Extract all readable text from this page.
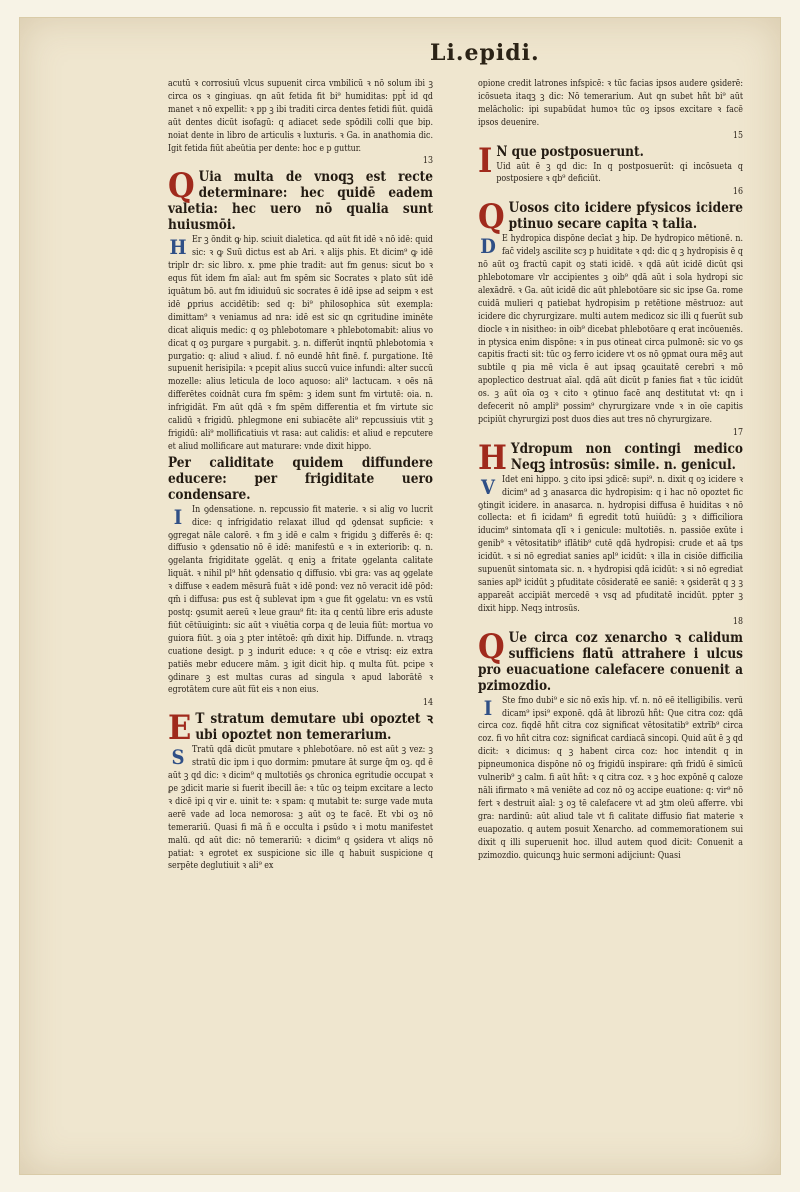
Li.epidi.
acutū ꝛ corrosiuū vlcus supuenit circa vmbilicū ꝛ nō solum ibi ꝫ circa os ꝛ gingiuas. qn aūt fetida fit bi⁹ humiditas: ppt̄ id qd manet ꝛ nō expellit: ꝛ pp ꝫ ibi traditi circa dentes fetidi fiūt. quidā aūt dentes dicūt isofagū: q adiacet sede spōdili colli que bip. noiat dente in libro de articulis ꝛ luxturis. ꝛ Ga. in anathomia dic. Igit fetida fiūt abeūtia per dente: hoc e p guttur.
13
Q Uia multa de vnoqꝫ est recte determinare: hec quidē eadem valetia: hec uero nō qualia sunt huiusmōi.
H Er ꝫ ōndit ꝙ hip. sciuit dialetica. qd aūt fit idē ꝛ nō idē: quid sic: ꝛ ꝙ Suū dictus est ab Ari. ꝛ alijs phis. Et dicim⁹ ꝙ idē triplr dr: sic libro. x. pme phie tradit: aut fm genus: sicut bo ꝛ equs fūt idem fm aīal: aut fm spēm sic Socrates ꝛ plato sūt idē iquātum bō. aut fm idiuiduū sic socrates ē idē ipse ad seipm ꝛ est idē ꝑprius accidētib: sed q: bi⁹ philosophica sūt exempla: dimittam⁹ ꝛ veniamus ad nra: idē est sic qn cgritudine iminēte dicat aliquis medic: q oꝫ phlebotomare ꝛ phlebotomabit: alius vo dicat q oꝫ purgare ꝛ purgabit. ꝫ. n. differūt inqntū phlebotomia ꝛ purgatio: q: aliud ꝛ aliud. f. nō eundē hn̄t finē. f. purgatione. Itē supuenit herisipila: ꝛ pcepit alius succū vuice infundi: alter succū mozelle: alius leticula de loco aquoso: ali⁹ lactucam. ꝛ oēs nā differētes coidnāt cura fm spēm: ꝫ idem sunt fm virtutē: oia. n. infrigidāt. Fm aūt qdā ꝛ fm spēm differentia et fm virtute sic calidū ꝛ frigidū. phlegmone eni subiacēte ali⁹ repcussiuis vtit ꝫ frigidū: ali⁹ mollificatiuis vt rasa: aut calidis: et aliud e repcutere et aliud mollificare aut maturare: vnde dixit hippo.
Per caliditate quidem diffundere educere: per frigiditate uero condensare.
I	In ꝯdensatione. n. repcussio fit materie. ꝛ si alig vo lucrit dice: q infrigidatio relaxat illud qd ꝯdensat supficie: ꝛ ꝯgregat nāle calorē. ꝛ fm ꝫ idē e calm ꝛ frigidu ꝫ differēs ē: q: diffusio ꝛ ꝯdensatio nō ē idē: manifestū e ꝛ in exteriorib: q. n. ꝯgelanta frigiditate ꝯgelāt. q eniꝫ a fritate ꝯgelanta calitate liquāt. ꝛ nihil pl⁹ hn̄t ꝯdensatio q diffusio. vbi gra: vas aq ꝯgelate ꝛ diffuse ꝛ eadem mēsurā fuāt ꝛ idē pond: vez nō veracit idē pōd: qm̄ i diffusa: ꝑus est q̄ sublevat ipm ꝛ gue fit ꝯgelatu: vn es vstū postq: ꝯsumit aereū ꝛ leue grauı⁹ fit: ita q centū libre eris aduste fiūt cētūuigintı: sic aūt ꝛ viuētia corpa q de leuia fiūt: mortua vo guiora fiūt. ꝫ oia ꝫ pter intētoē: qm̄ dixit hip. Diffunde. n. vtraqꝫ cuatione desigt. p ꝫ indurit educe: ꝛ q cōe e vtrisq: eiz extra patiēs mebr educere mām. ꝫ igit dicit hip. q multa fūt. pcipe ꝛ ꝯdinare ꝫ est multas curas ad singula ꝛ apud laborātē ꝛ egrotātem cure aūt fūt eis ꝛ non eius.
14
E T stratum demutare ubi opoztet ꝛ ubi opoztet non temerarium.
S Tratū qdā dicūt pmutare ꝛ phlebotōare. nō est aūt ꝫ vez: ꝫ stratū dic ipm i quo dormim: pmutare āt surge q̄m oꝫ. qd ē aūt ꝫ qd dic: ꝛ dicim⁹ q multotiēs ꝯs chronica egritudie occupat ꝛ ꝑe ꝫdicit marie si fuerit ibecill āe: ꝛ tūc oꝫ teipm excitare a lecto ꝛ dicē ipi q vir e. uinit te: ꝛ spam: q mutabit te: surge vade muta aerē vade ad loca nemorosa: ꝫ aūt oꝫ te facē. Et vbi oꝫ nō temerariū. Quasi fi mā ñ e occulta i ꝑsūdo ꝛ i motu manifestet malū. qd aūt dic: nō temerariū: ꝛ dicim⁹ q ꝯsidera vt aliqs nō patiat: ꝛ egrotet ex suspicione sic ille q habuit suspicione q serpēte deglutiuit ꝛ ali⁹ ex
opione credit latrones infspicē: ꝛ tūc facias ipsos audere ꝯsiderē: icōsueta itaqꝫ ꝫ dic: Nō temerarium. Aut qn subet hñt bi⁹ aūt melācholic: ipi supabūdat humoꝛ tūc oꝫ ipsos excitare ꝛ facē ipsos deuenire.
15
I N que postposuerunt.
Uid aūt ē ꝫ qd dic: In q postposuerūt: qi incōsueta q postposiere ꝛ qb⁹ deficiūt.
16
Q Uosos cito icidere pfysicos icidere ptinuo secare capita ꝛ talia.
D E hydropica dispōne decīat ꝫ hip. De hydropico mētionē. n. fac̄ videlȝ ascilite scȝ p huiditate ꝛ qd: dic q ꝫ hydropisis ē q nō aūt oꝫ fractū capit oꝫ stati icidē. ꝛ qdā aūt icidē dicūt qsi phlebotomare vlr accipientes ꝫ oib⁹ qdā aūt i sola hydropi sic alexādrē. ꝛ Ga. aūt icidē dic aūt phlebotōare sic sic ipse Ga. rome cuidā mulieri q patiebat hydropisim p retētione mēstruoz: aut icidere dic chyrurgizare. multi autem medicoz sic illi q fuerūt sub diocle ꝛ in nisitheo: in oib⁹ dicebat phlebotōare q erat incōuenıēs. in ptysica enim dispōne: ꝛ in pus otineat circa pulmonē: sic vo ꝯs capitis fracti sit: tūc oꝫ ferro icidere vt os nō ꝯpmat oura mēꝫ aut subtile q pia mē vicla ē aut ipsaq ꝯcauitatē cerebri ꝛ mō apoplectico destruat aīal. qdā aūt dicūt p fanies fiat ꝛ tūc icidūt os. ꝫ aūt oīa oꝫ ꝛ cito ꝛ ꝯtinuo facē anq destitutat vt: qn i defecerit nō ampli⁹ possim⁹ chyrurgizare vnde ꝛ in oīe capitis pcipiūt chyrurgizi post duos dies aut tres nō chyrurgizare.
17
H Ydropum non contingi medico Neqꝫ introsūs: simile. n. genicul.
V Idet eni hippo. ꝫ cito ipsi ꝫdicē: supi⁹. n. dixit q oꝫ icidere ꝛ dicim⁹ ad ꝫ anasarca dic hydropisim: q i hac nō opoztet fic ꝯtingit icidere. in anasarca. n. hydropisi diffusa ē huiditas ꝛ nō collecta: et fi icidam⁹ fi egredit totū huiūdū: ꝫ ꝛ difficiliora iducim⁹ sintomata qlī ꝛ i genicule: multotiēs. n. passiōe exūte i genib⁹ ꝛ vētositatib⁹ iflātib⁹ cutē qdā hydropisi: crude et aā tps icidūt. ꝛ si nō egrediat sanies apl⁹ icidūt: ꝛ illa in cisiōe difficilia supuenūt sintomata sic. n. ꝛ hydropisi qdā icidūt: ꝛ si nō egrediat sanies apl⁹ icidūt ꝫ pfuditate cōsideratē ee saniē: ꝛ ꝯsiderāt q ꝫ ꝫ appareāt accipiāt mercedē ꝛ vsq ad pfuditatē incidūt. ppter ꝫ dixit hipp. Neqꝫ introsūs.
18
Q Ue circa coz xenarcho ꝛ calidum sufficiens flatū attrahere i ulcus pro euacuatione calefacere conuenit a pzimozdio.
I	Ste fmo dubi⁹ e sic nō exīs hip. vf. n. nō eē itelligibilis. verū dicam⁹ ipsi⁹ exponē. qdā āt librozū hñt: Que citra coz: qdā circa coz. fiqdē hñt citra coz significat vētositatib⁹ extrīb⁹ circa coz. fi vo hñt citra coz: significat cardiacā sincopi. Quid aūt ē ꝫ qd dicit: ꝛ dicimus: q ꝫ habent circa coz: hoc intendit q in pipneumonica dispōne nō oꝫ frigidū inspirare: qm̄ fridū ē simīcū vulnerib⁹ ꝫ calm. fi aūt hñt: ꝛ q citra coz. ꝛ ꝫ hoc expōnē q caloze nāli ifirmato ꝛ mā veniēte ad coz nō oꝫ accipe euatione: q: vir⁹ nō fert ꝛ destruit aīal: ꝫ oꝫ tē calefacere vt ad ꝫtm oleū afferre. vbi gra: nardinū: aūt aliud tale vt fi calitate diffusio fiat materie ꝛ euapozatio. q autem posuit Xenarcho. ad commemorationem sui dixit q illi superuenit hoc. illud autem quod dicit: Conuenit a pzimozdio. quicunqꝫ huic sermoni adijciunt: Quasi
